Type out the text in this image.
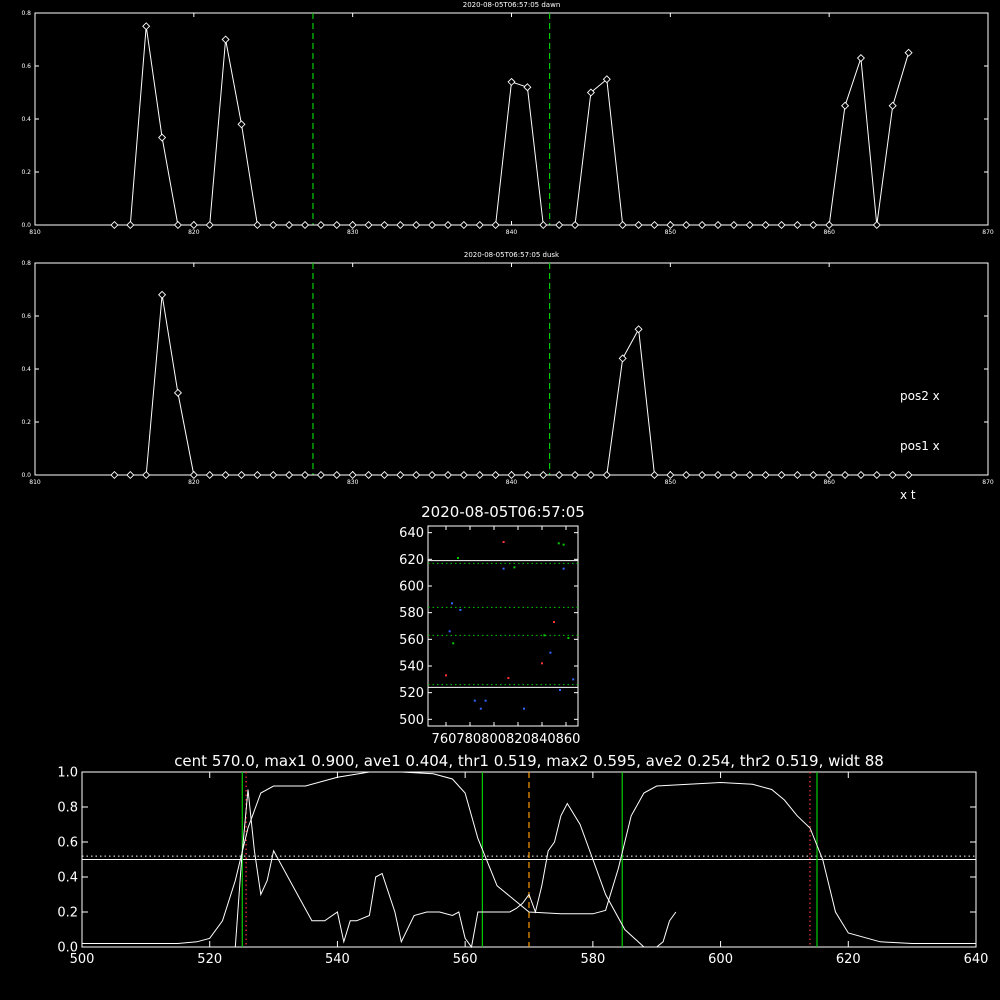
2020-08-05T06:57:05 dawn
810	820	830	840	850	860	870
0.0
0.2
0.4
0.6
0.8
2020-08-05T06:57:05 dusk
810	820	830	840	850	860	870
0.0
0.2
0.4
0.6
0.8
pos2 x
pos1 x
x t
2020-08-05T06:57:05
760780800820840860
500
520
540
560
580
600
620
640
cent 570.0, max1 0.900, ave1 0.404, thr1 0.519, max2 0.595, ave2 0.254, thr2 0.519, widt 88
500	520	540	560	580	600	620	640
0.0
0.2
0.4
0.6
0.8
1.0
